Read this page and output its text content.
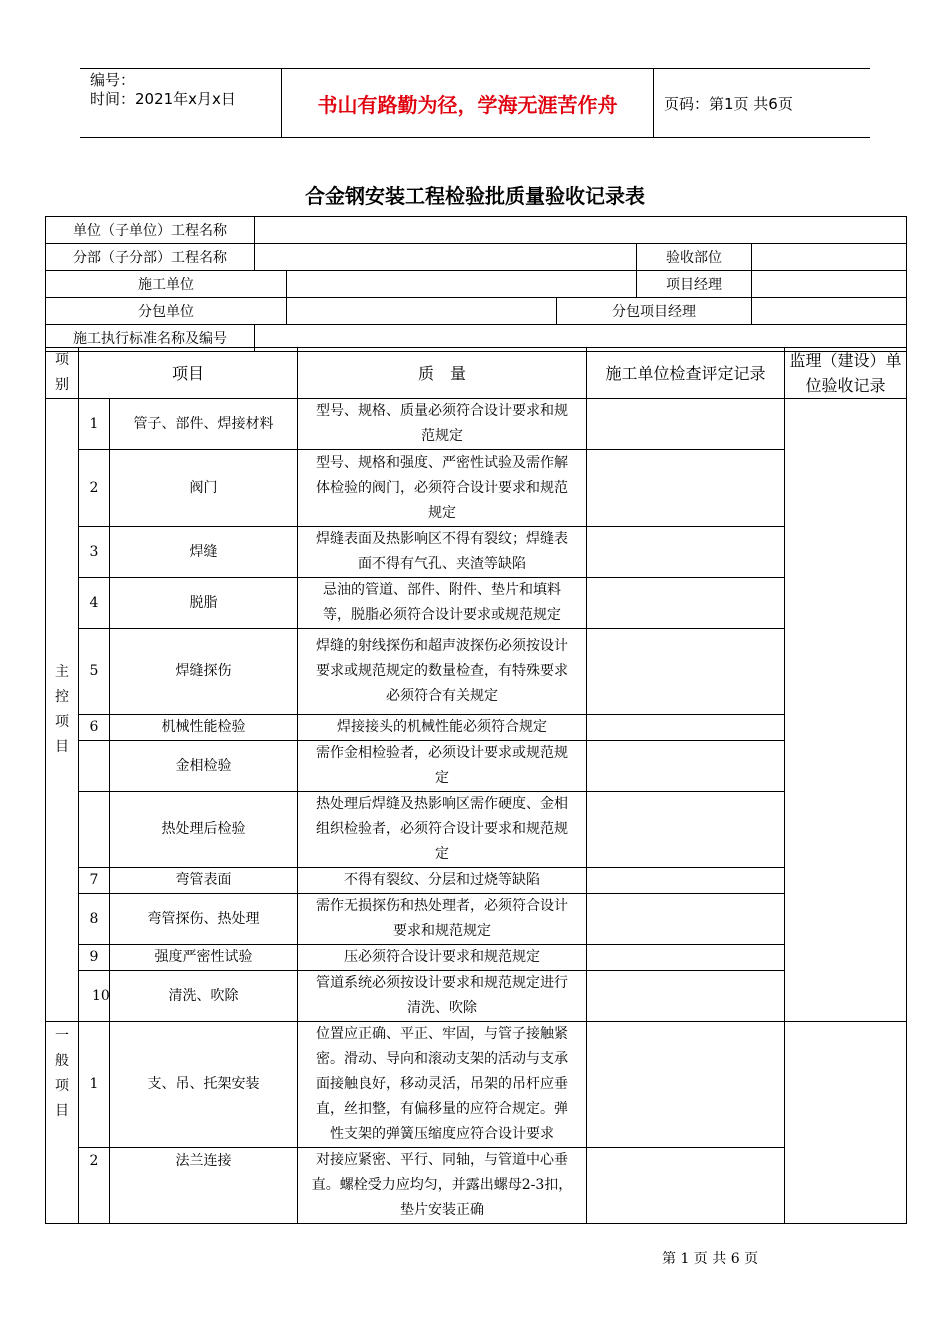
编号：
时间：2021年x月x日	书山有路勤为径，学海无涯苦作舟	页码：第1页 共6页
合金钢安装工程检验批质量验收记录表
单位（子单位）工程名称
分部（子分部）工程名称	验收部位
施工单位	项目经理
分包单位	分包项目经理
施工执行标准名称及编号
项别	项目		质　量	施工单位检查评定记录	监理（建设）单位验收记录
主控项目	1	管子、部件、焊接材料	型号、规格、质量必须符合设计要求和规范规定		
	2	阀门	型号、规格和强度、严密性试验及需作解体检验的阀门，必须符合设计要求和规范规定		
	3	焊缝	焊缝表面及热影响区不得有裂纹；焊缝表面不得有气孔、夹渣等缺陷		
	4	脱脂	忌油的管道、部件、附件、垫片和填料等，脱脂必须符合设计要求或规范规定		
	5	焊缝探伤	焊缝的射线探伤和超声波探伤必须按设计要求或规范规定的数量检查，有特殊要求必须符合有关规定		
	6	机械性能检验	焊接接头的机械性能必须符合规定		
		金相检验	需作金相检验者，必须设计要求或规范规定		
		热处理后检验	热处理后焊缝及热影响区需作硬度、金相组织检验者，必须符合设计要求和规范规定		
	7	弯管表面	不得有裂纹、分层和过烧等缺陷		
	8	弯管探伤、热处理	需作无损探伤和热处理者，必须符合设计要求和规范规定		
	9	强度严密性试验	压必须符合设计要求和规范规定		
	10	清洗、吹除	管道系统必须按设计要求和规范规定进行清洗、吹除		
一般项目	1	支、吊、托架安装	位置应正确、平正、牢固，与管子接触紧密。滑动、导向和滚动支架的活动与支承面接触良好，移动灵活，吊架的吊杆应垂直，丝扣整，有偏移量的应符合规定。弹性支架的弹簧压缩度应符合设计要求		
	2	法兰连接	对接应紧密、平行、同轴，与管道中心垂直。螺栓受力应均匀，并露出螺母2-3扣，垫片安装正确		
第 1 页 共 6 页
